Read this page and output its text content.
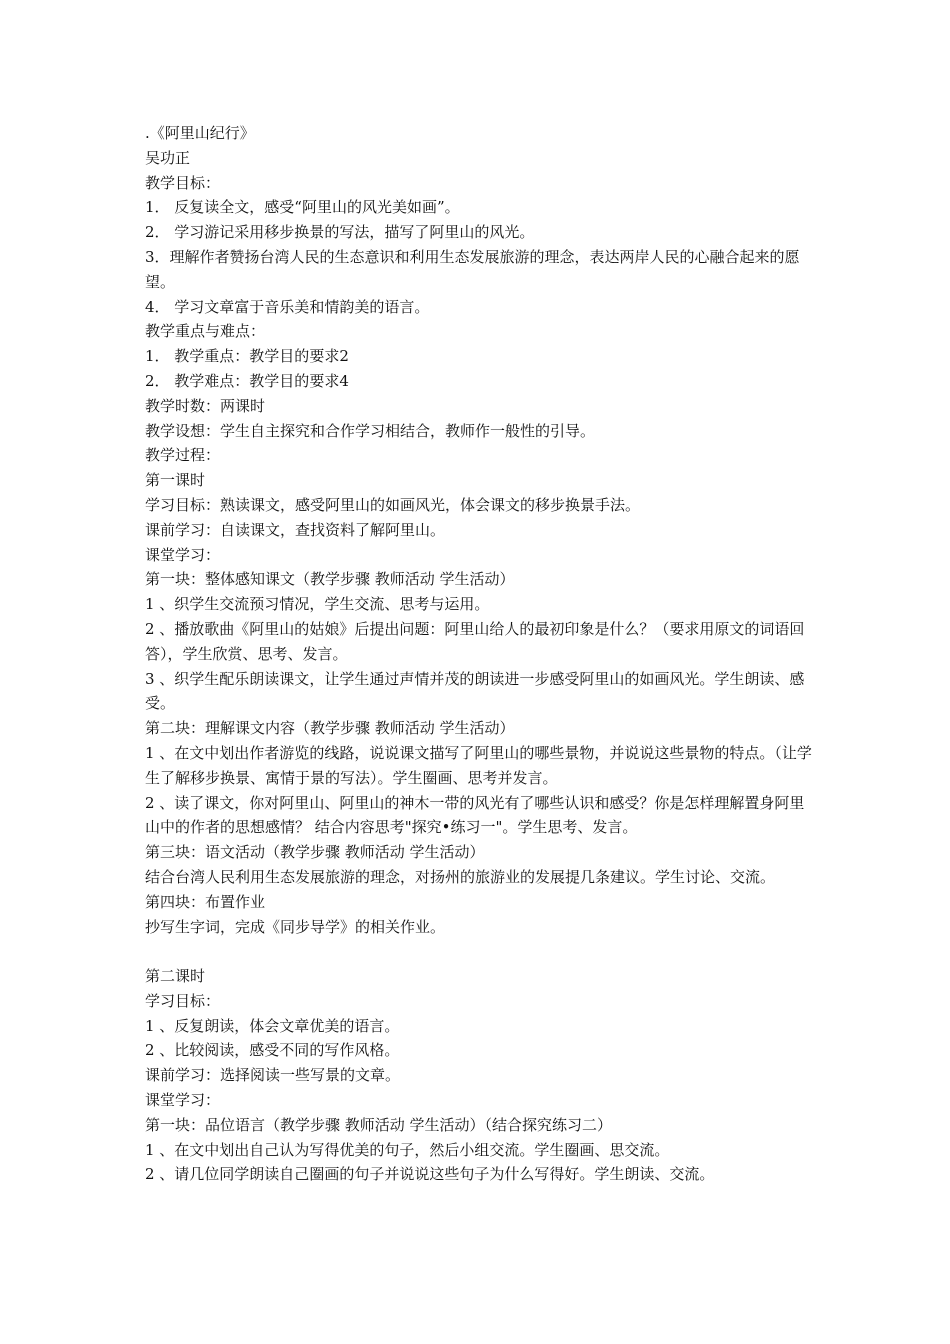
.《阿里山纪行》

吴功正

教学目标：

1． 反复读全文，感受“阿里山的风光美如画”。

2． 学习游记采用移步换景的写法，描写了阿里山的风光。

3．理解作者赞扬台湾人民的生态意识和利用生态发展旅游的理念，表达两岸人民的心融合起来的愿望。

4． 学习文章富于音乐美和情韵美的语言。

教学重点与难点：

1． 教学重点：教学目的要求2

2． 教学难点：教学目的要求4

教学时数：两课时

教学设想：学生自主探究和合作学习相结合，教师作一般性的引导。

教学过程：

第一课时

学习目标：熟读课文，感受阿里山的如画风光，体会课文的移步换景手法。

课前学习：自读课文，查找资料了解阿里山。

课堂学习：

第一块：整体感知课文（教学步骤 教师活动 学生活动）

1 、织学生交流预习情况，学生交流、思考与运用。

2 、播放歌曲《阿里山的姑娘》后提出问题：阿里山给人的最初印象是什么？（要求用原文的词语回答），学生欣赏、思考、发言。

3 、织学生配乐朗读课文，让学生通过声情并茂的朗读进一步感受阿里山的如画风光。学生朗读、感受。

第二块：理解课文内容（教学步骤 教师活动 学生活动）

1 、在文中划出作者游览的线路，说说课文描写了阿里山的哪些景物，并说说这些景物的特点。（让学生了解移步换景、寓情于景的写法）。学生圈画、思考并发言。

2 、读了课文，你对阿里山、阿里山的神木一带的风光有了哪些认识和感受？你是怎样理解置身阿里山中的作者的思想感情？ 结合内容思考"探究•练习一"。学生思考、发言。

第三块：语文活动（教学步骤 教师活动 学生活动）

结合台湾人民利用生态发展旅游的理念，对扬州的旅游业的发展提几条建议。学生讨论、交流。

第四块：布置作业

抄写生字词，完成《同步导学》的相关作业。

第二课时

学习目标：

1 、反复朗读，体会文章优美的语言。

2 、比较阅读，感受不同的写作风格。

课前学习：选择阅读一些写景的文章。

课堂学习：

第一块：品位语言（教学步骤 教师活动 学生活动）（结合探究练习二）

1 、在文中划出自己认为写得优美的句子，然后小组交流。学生圈画、思交流。

2 、请几位同学朗读自己圈画的句子并说说这些句子为什么写得好。学生朗读、交流。
